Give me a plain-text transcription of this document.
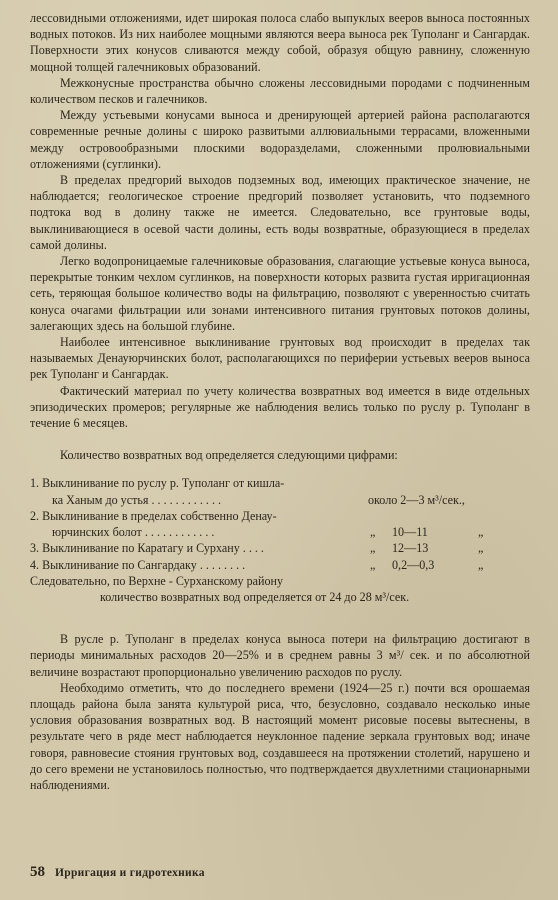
лессовидными отложениями, идет широкая полоса слабо выпуклых вееров выноса постоянных водных потоков. Из них наиболее мощными являются веера выноса рек Туполанг и Сангардак. Поверхности этих конусов сливаются между собой, образуя общую равнину, сложенную мощной толщей галечниковых образований.

Межконусные пространства обычно сложены лессовидными породами с подчиненным количеством песков и галечников.

Между устьевыми конусами выноса и дренирующей артерией района располагаются современные речные долины с широко развитыми аллювиальными террасами, вложенными между островообразными плоскими водоразделами, сложенными пролювиальными отложениями (суглинки).

В пределах предгорий выходов подземных вод, имеющих практическое значение, не наблюдается; геологическое строение предгорий позволяет установить, что подземного подтока вод в долину также не имеется. Следовательно, все грунтовые воды, выклинивающиеся в осевой части долины, есть воды возвратные, образующиеся в пределах самой долины.

Легко водопроницаемые галечниковые образования, слагающие устьевые конуса выноса, перекрытые тонким чехлом суглинков, на поверхности которых развита густая ирригационная сеть, теряющая большое количество воды на фильтрацию, позволяют с уверенностью считать конуса очагами фильтрации или зонами интенсивного питания грунтовых потоков долины, залегающих здесь на большой глубине.

Наиболее интенсивное выклинивание грунтовых вод происходит в пределах так называемых Денауюрчинских болот, располагающихся по периферии устьевых вееров выноса рек Туполанг и Сангардак.

Фактический материал по учету количества возвратных вод имеется в виде отдельных эпизодических промеров; регулярные же наблюдения велись только по руслу р. Туполанг в течение 6 месяцев.

Количество возвратных вод определяется следующими цифрами:

1. Выклинивание по руслу р. Туполанг от кишла-
ка Ханым до устья . . . . . . . . . . . .	около 2—3 м³/сек.,
2. Выклинивание в пределах собственно Денау-
юрчинских болот . . . . . . . . . . . .	„	10—11	„
3. Выклинивание по Каратагу и Сурхану . . . .	„	12—13	„
4. Выклинивание по Сангардаку . . . . . . . .	„	0,2—0,3	„
Следовательно, по Верхне - Сурханскому району
количество возвратных вод определяется от 24 до 28 м³/сек.

В русле р. Туполанг в пределах конуса выноса потери на фильтрацию достигают в периоды минимальных расходов 20—25% и в среднем равны 3 м³/ сек. и по абсолютной величине возрастают пропорционально увеличению расходов по руслу.

Необходимо отметить, что до последнего времени (1924—25 г.) почти вся орошаемая площадь района была занята культурой риса, что, безусловно, создавало несколько иные условия образования возвратных вод. В настоящий момент рисовые посевы вытеснены, в результате чего в ряде мест наблюдается неуклонное падение зеркала грунтовых вод; иначе говоря, равновесие стояния грунтовых вод, создавшееся на протяжении столетий, нарушено и до сего времени не установилось полностью, что подтверждается двухлетними стационарными наблюдениями.

58 Ирригация и гидротехника
